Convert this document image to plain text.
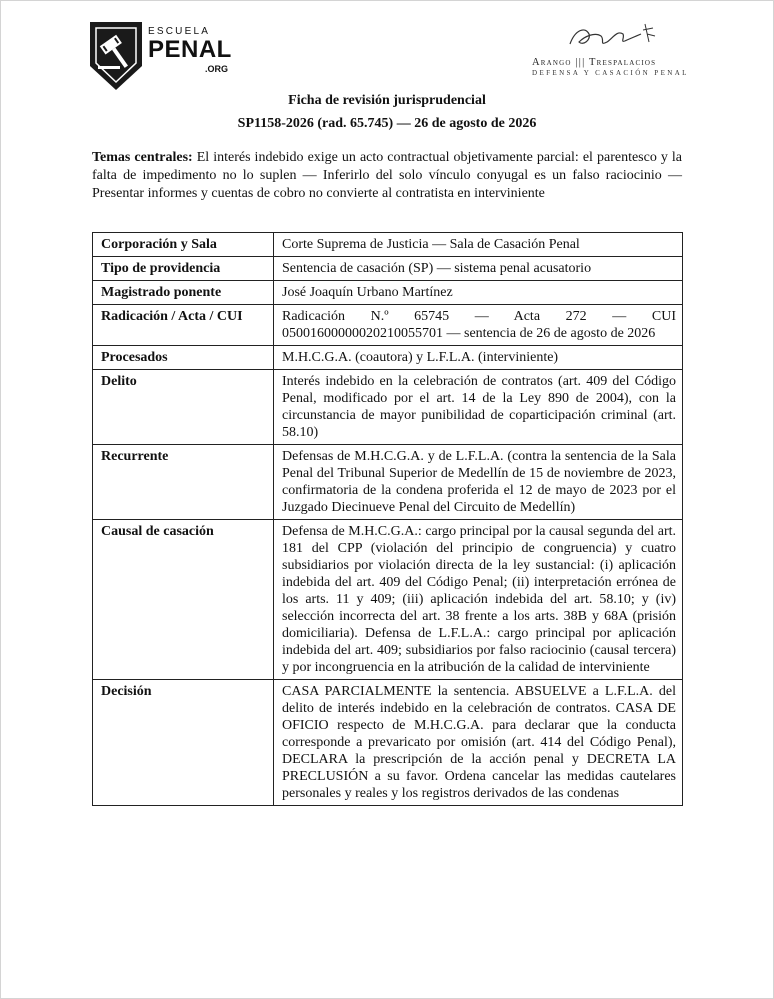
ESCUELA
PENAL
.ORG
Arango ||| Trespalacios
DEFENSA Y CASACIÓN PENAL
Ficha de revisión jurisprudencial
SP1158-2026 (rad. 65.745) — 26 de agosto de 2026
Temas centrales: El interés indebido exige un acto contractual objetivamente parcial: el parentesco y la falta de impedimento no lo suplen — Inferirlo del solo vínculo conyugal es un falso raciocinio — Presentar informes y cuentas de cobro no convierte al contratista en interviniente
Corporación y Sala	Corte Suprema de Justicia — Sala de Casación Penal
Tipo de providencia	Sentencia de casación (SP) — sistema penal acusatorio
Magistrado ponente	José Joaquín Urbano Martínez
Radicación / Acta / CUI	Radicación N.º 65745 — Acta 272 — CUI 05001600000020210055701 — sentencia de 26 de agosto de 2026
Procesados	M.H.C.G.A. (coautora) y L.F.L.A. (interviniente)
Delito	Interés indebido en la celebración de contratos (art. 409 del Código Penal, modificado por el art. 14 de la Ley 890 de 2004), con la circunstancia de mayor punibilidad de coparticipación criminal (art. 58.10)
Recurrente	Defensas de M.H.C.G.A. y de L.F.L.A. (contra la sentencia de la Sala Penal del Tribunal Superior de Medellín de 15 de noviembre de 2023, confirmatoria de la condena proferida el 12 de mayo de 2023 por el Juzgado Diecinueve Penal del Circuito de Medellín)
Causal de casación	Defensa de M.H.C.G.A.: cargo principal por la causal segunda del art. 181 del CPP (violación del principio de congruencia) y cuatro subsidiarios por violación directa de la ley sustancial: (i) aplicación indebida del art. 409 del Código Penal; (ii) interpretación errónea de los arts. 11 y 409; (iii) aplicación indebida del art. 58.10; y (iv) selección incorrecta del art. 38 frente a los arts. 38B y 68A (prisión domiciliaria). Defensa de L.F.L.A.: cargo principal por aplicación indebida del art. 409; subsidiarios por falso raciocinio (causal tercera) y por incongruencia en la atribución de la calidad de interviniente
Decisión	CASA PARCIALMENTE la sentencia. ABSUELVE a L.F.L.A. del delito de interés indebido en la celebración de contratos. CASA DE OFICIO respecto de M.H.C.G.A. para declarar que la conducta corresponde a prevaricato por omisión (art. 414 del Código Penal), DECLARA la prescripción de la acción penal y DECRETA LA PRECLUSIÓN a su favor. Ordena cancelar las medidas cautelares personales y reales y los registros derivados de las condenas
